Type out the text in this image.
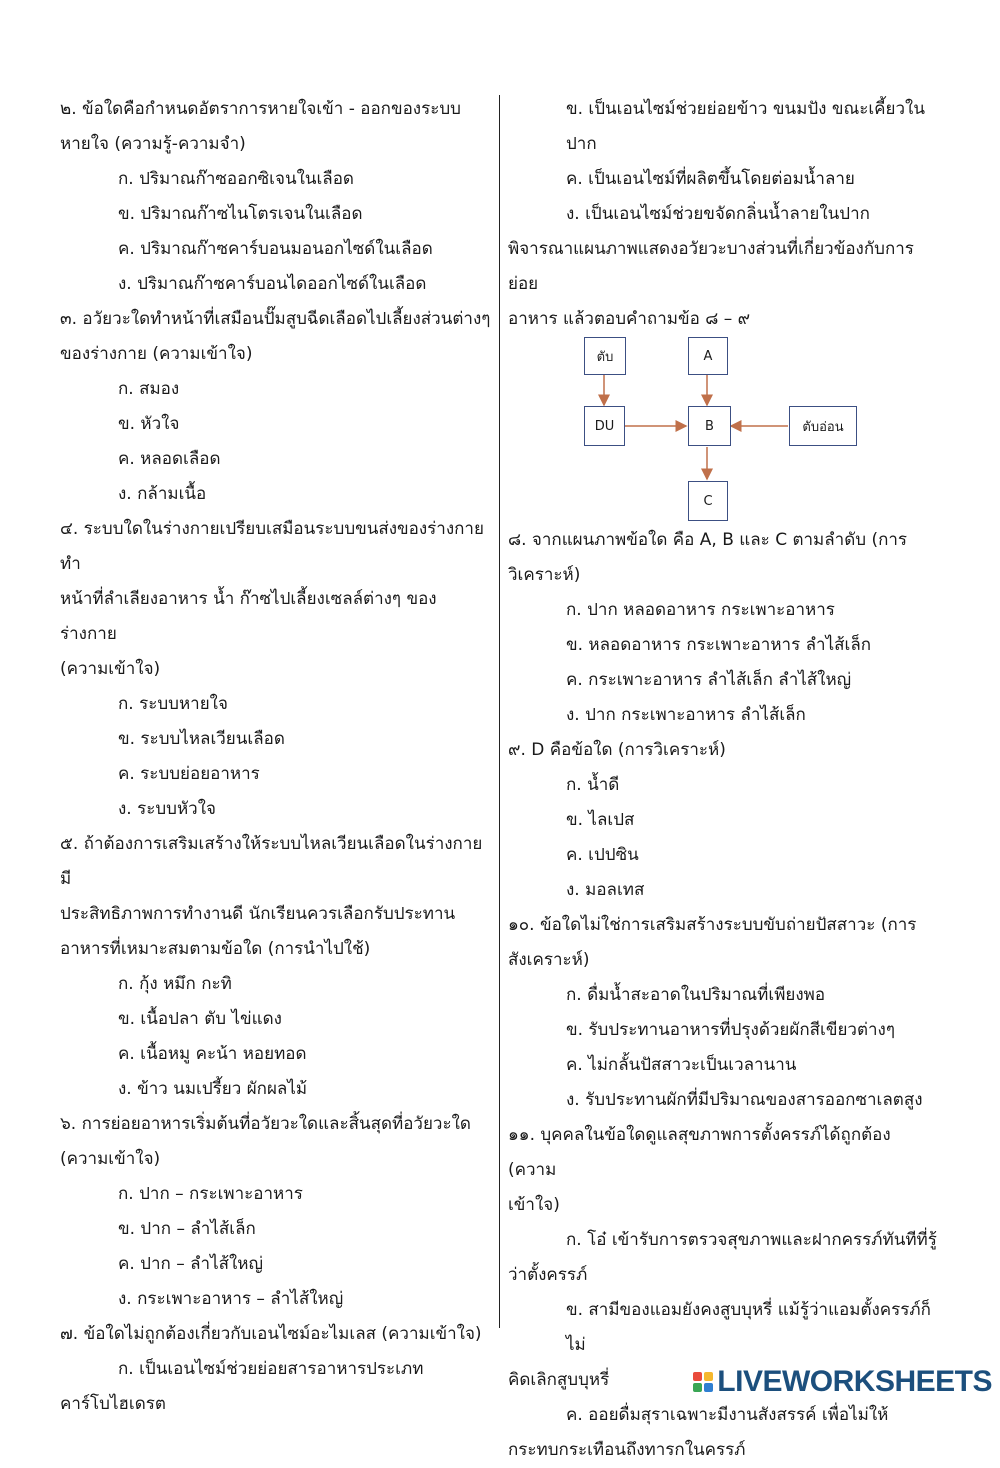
๒. ข้อใดคือกำหนดอัตราการหายใจเข้า - ออกของระบบ

หายใจ (ความรู้-ความจำ)

ก. ปริมาณก๊าซออกซิเจนในเลือด

ข. ปริมาณก๊าซไนโตรเจนในเลือด

ค. ปริมาณก๊าซคาร์บอนมอนอกไซด์ในเลือด

ง. ปริมาณก๊าซคาร์บอนไดออกไซด์ในเลือด

๓. อวัยวะใดทำหน้าที่เสมือนปั๊มสูบฉีดเลือดไปเลี้ยงส่วนต่างๆ

ของร่างกาย (ความเข้าใจ)

ก. สมอง

ข. หัวใจ

ค. หลอดเลือด

ง. กล้ามเนื้อ

๔. ระบบใดในร่างกายเปรียบเสมือนระบบขนส่งของร่างกายทำ

หน้าที่ลำเลียงอาหาร น้ำ ก๊าซไปเลี้ยงเซลล์ต่างๆ ของร่างกาย

(ความเข้าใจ)

ก. ระบบหายใจ

ข. ระบบไหลเวียนเลือด

ค. ระบบย่อยอาหาร

ง. ระบบหัวใจ

๕. ถ้าต้องการเสริมเสร้างให้ระบบไหลเวียนเลือดในร่างกายมี

ประสิทธิภาพการทำงานดี นักเรียนควรเลือกรับประทาน

อาหารที่เหมาะสมตามข้อใด (การนำไปใช้)

ก. กุ้ง หมึก กะทิ

ข. เนื้อปลา ตับ ไข่แดง

ค. เนื้อหมู คะน้า หอยทอด

ง. ข้าว นมเปรี้ยว ผักผลไม้

๖. การย่อยอาหารเริ่มต้นที่อวัยวะใดและสิ้นสุดที่อวัยวะใด

(ความเข้าใจ)

ก. ปาก – กระเพาะอาหาร

ข. ปาก – ลำไส้เล็ก

ค. ปาก – ลำไส้ใหญ่

ง. กระเพาะอาหาร – ลำไส้ใหญ่

๗. ข้อใดไม่ถูกต้องเกี่ยวกับเอนไซม์อะไมเลส (ความเข้าใจ)

ก. เป็นเอนไซม์ช่วยย่อยสารอาหารประเภท

คาร์โบไฮเดรต

ข. เป็นเอนไซม์ช่วยย่อยข้าว ขนมปัง ขณะเคี้ยวในปาก

ค. เป็นเอนไซม์ที่ผลิตขึ้นโดยต่อมน้ำลาย

ง. เป็นเอนไซม์ช่วยขจัดกลิ่นน้ำลายในปาก

พิจารณาแผนภาพแสดงอวัยวะบางส่วนที่เกี่ยวข้องกับการย่อย

อาหาร แล้วตอบคำถามข้อ ๘ – ๙

ตับ	A
DU	B	ตับอ่อน
C

๘. จากแผนภาพข้อใด คือ A, B และ C ตามลำดับ (การ

วิเคราะห์)

ก. ปาก หลอดอาหาร กระเพาะอาหาร

ข. หลอดอาหาร กระเพาะอาหาร ลำไส้เล็ก

ค. กระเพาะอาหาร ลำไส้เล็ก ลำไส้ใหญ่

ง. ปาก กระเพาะอาหาร ลำไส้เล็ก

๙. D คือข้อใด (การวิเคราะห์)

ก. น้ำดี

ข. ไลเปส

ค. เปปซิน

ง. มอลเทส

๑๐. ข้อใดไม่ใช่การเสริมสร้างระบบขับถ่ายปัสสาวะ (การ

สังเคราะห์)

ก. ดื่มน้ำสะอาดในปริมาณที่เพียงพอ

ข. รับประทานอาหารที่ปรุงด้วยผักสีเขียวต่างๆ

ค. ไม่กลั้นปัสสาวะเป็นเวลานาน

ง. รับประทานผักที่มีปริมาณของสารออกซาเลตสูง

๑๑. บุคคลในข้อใดดูแลสุขภาพการตั้งครรภ์ได้ถูกต้อง (ความ

เข้าใจ)

ก. โอ๋ เข้ารับการตรวจสุขภาพและฝากครรภ์ทันทีที่รู้

ว่าตั้งครรภ์

ข. สามีของแอมยังคงสูบบุหรี่ แม้รู้ว่าแอมตั้งครรภ์ก็ไม่

คิดเลิกสูบบุหรี่

ค. ออยดื่มสุราเฉพาะมีงานสังสรรค์ เพื่อไม่ให้

กระทบกระเทือนถึงทารกในครรภ์

LIVEWORKSHEETS
